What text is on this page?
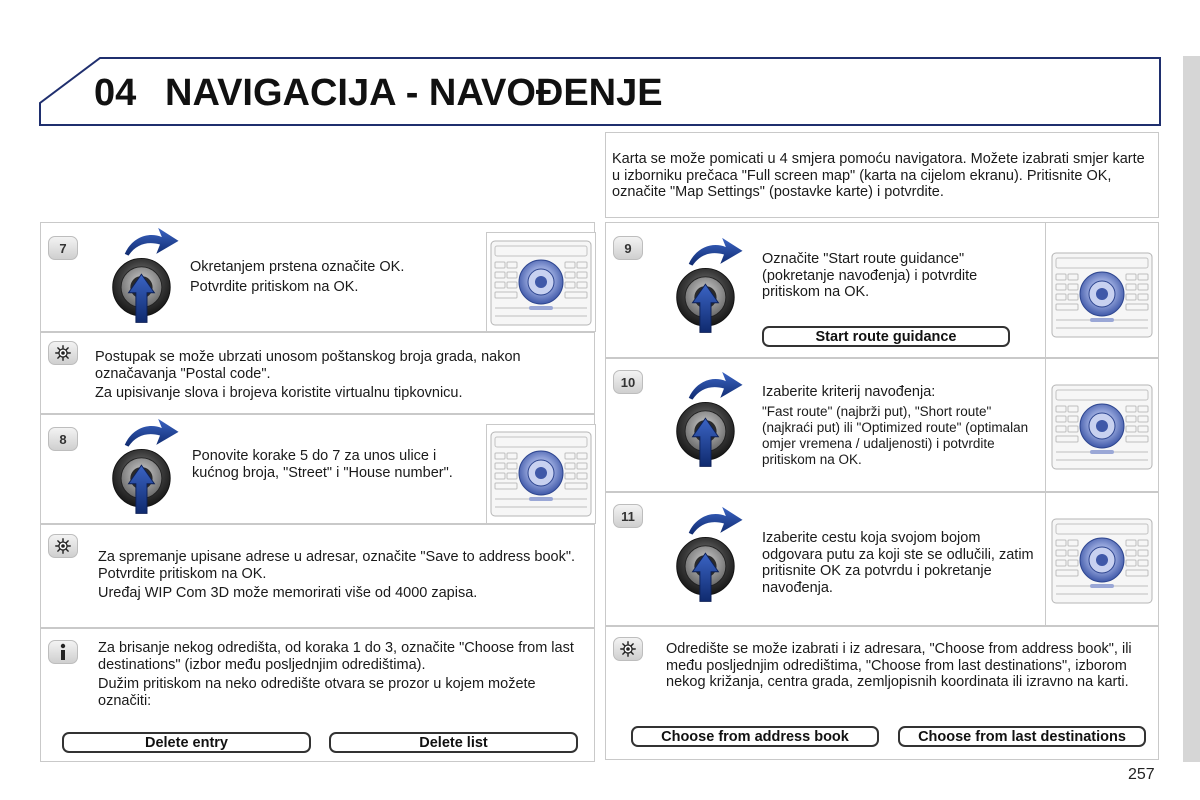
04 NAVIGACIJA - NAVOĐENJE
Karta se može pomicati u 4 smjera pomoću navigatora. Možete izabrati smjer karte u izborniku prečaca "Full screen map" (karta na cijelom ekranu). Pritisnite OK, označite "Map Settings" (postavke karte) i potvrdite.
7

Okretanjem prstena označite OK.

Potvrdite pritiskom na OK.

Postupak se može ubrzati unosom poštanskog broja grada, nakon označavanja "Postal code".

Za upisivanje slova i brojeva koristite virtualnu tipkovnicu.

8
Ponovite korake 5 do 7 za unos ulice i kućnog broja, "Street" i "House number".

Za spremanje upisane adrese u adresar, označite "Save to address book". Potvrdite pritiskom na OK.

Uređaj WIP Com 3D može memorirati više od 4000 zapisa.

Za brisanje nekog odredišta, od koraka 1 do 3, označite "Choose from last destinations" (izbor među posljednjim odredištima).

Dužim pritiskom na neko odredište otvara se prozor u kojem možete označiti:

Delete entry	Delete list
9
Označite "Start route guidance" (pokretanje navođenja) i potvrdite pritiskom na OK.
Start route guidance
10

Izaberite kriterij navođenja:

"Fast route" (najbrži put), "Short route" (najkraći put) ili "Optimized route" (optimalan omjer vremena / udaljenosti) i potvrdite pritiskom na OK.

11
Izaberite cestu koja svojom bojom odgovara putu za koji ste se odlučili, zatim pritisnite OK za potvrdu i pokretanje navođenja.
Odredište se može izabrati i iz adresara, "Choose from address book", ili među posljednjim odredištima, "Choose from last destinations", izborom nekog križanja, centra grada, zemljopisnih koordinata ili izravno na karti.
Choose from address book	Choose from last destinations
257
